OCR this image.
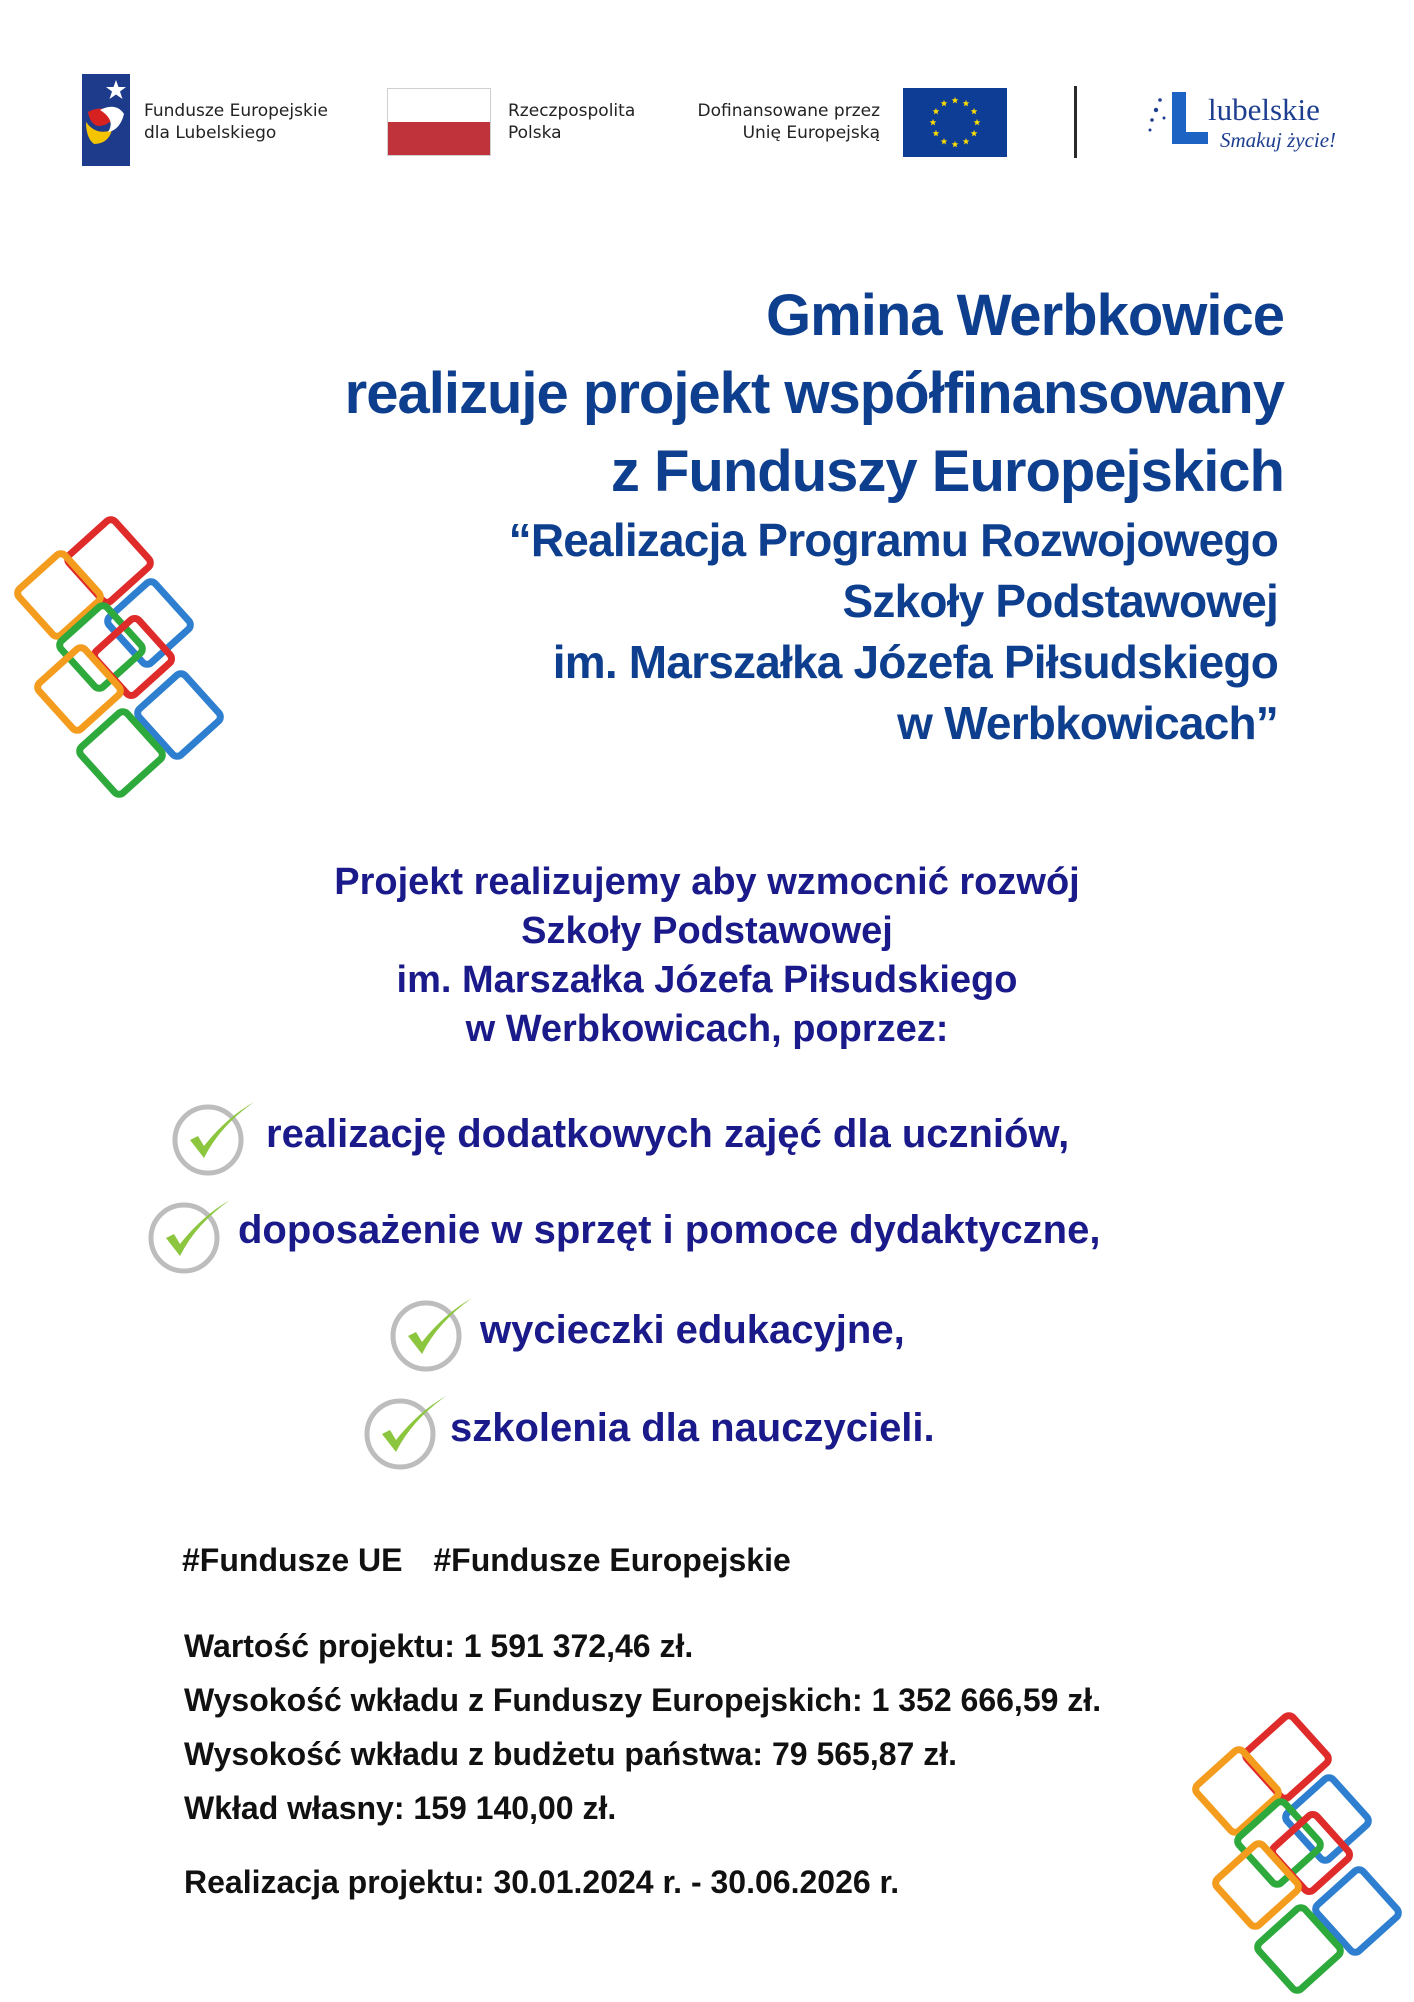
Fundusze Europejskie
dla Lubelskiego
Rzeczpospolita
Polska
Dofinansowane przez
Unię Europejską
lubelskie
Smakuj życie!
Gmina Werbkowice
realizuje projekt współfinansowany
z Funduszy Europejskich
“Realizacja Programu Rozwojowego
Szkoły Podstawowej
im. Marszałka Józefa Piłsudskiego
w Werbkowicach”
Projekt realizujemy aby wzmocnić rozwój
Szkoły Podstawowej
im. Marszałka Józefa Piłsudskiego
w Werbkowicach, poprzez:
realizację dodatkowych zajęć dla uczniów,
doposażenie w sprzęt i pomoce dydaktyczne,
wycieczki edukacyjne,
szkolenia dla nauczycieli.
#Fundusze UE #Fundusze Europejskie
Wartość projektu: 1 591 372,46 zł.
Wysokość wkładu z Funduszy Europejskich: 1 352 666,59 zł.
Wysokość wkładu z budżetu państwa: 79 565,87 zł.
Wkład własny: 159 140,00 zł.
Realizacja projektu: 30.01.2024 r. - 30.06.2026 r.
